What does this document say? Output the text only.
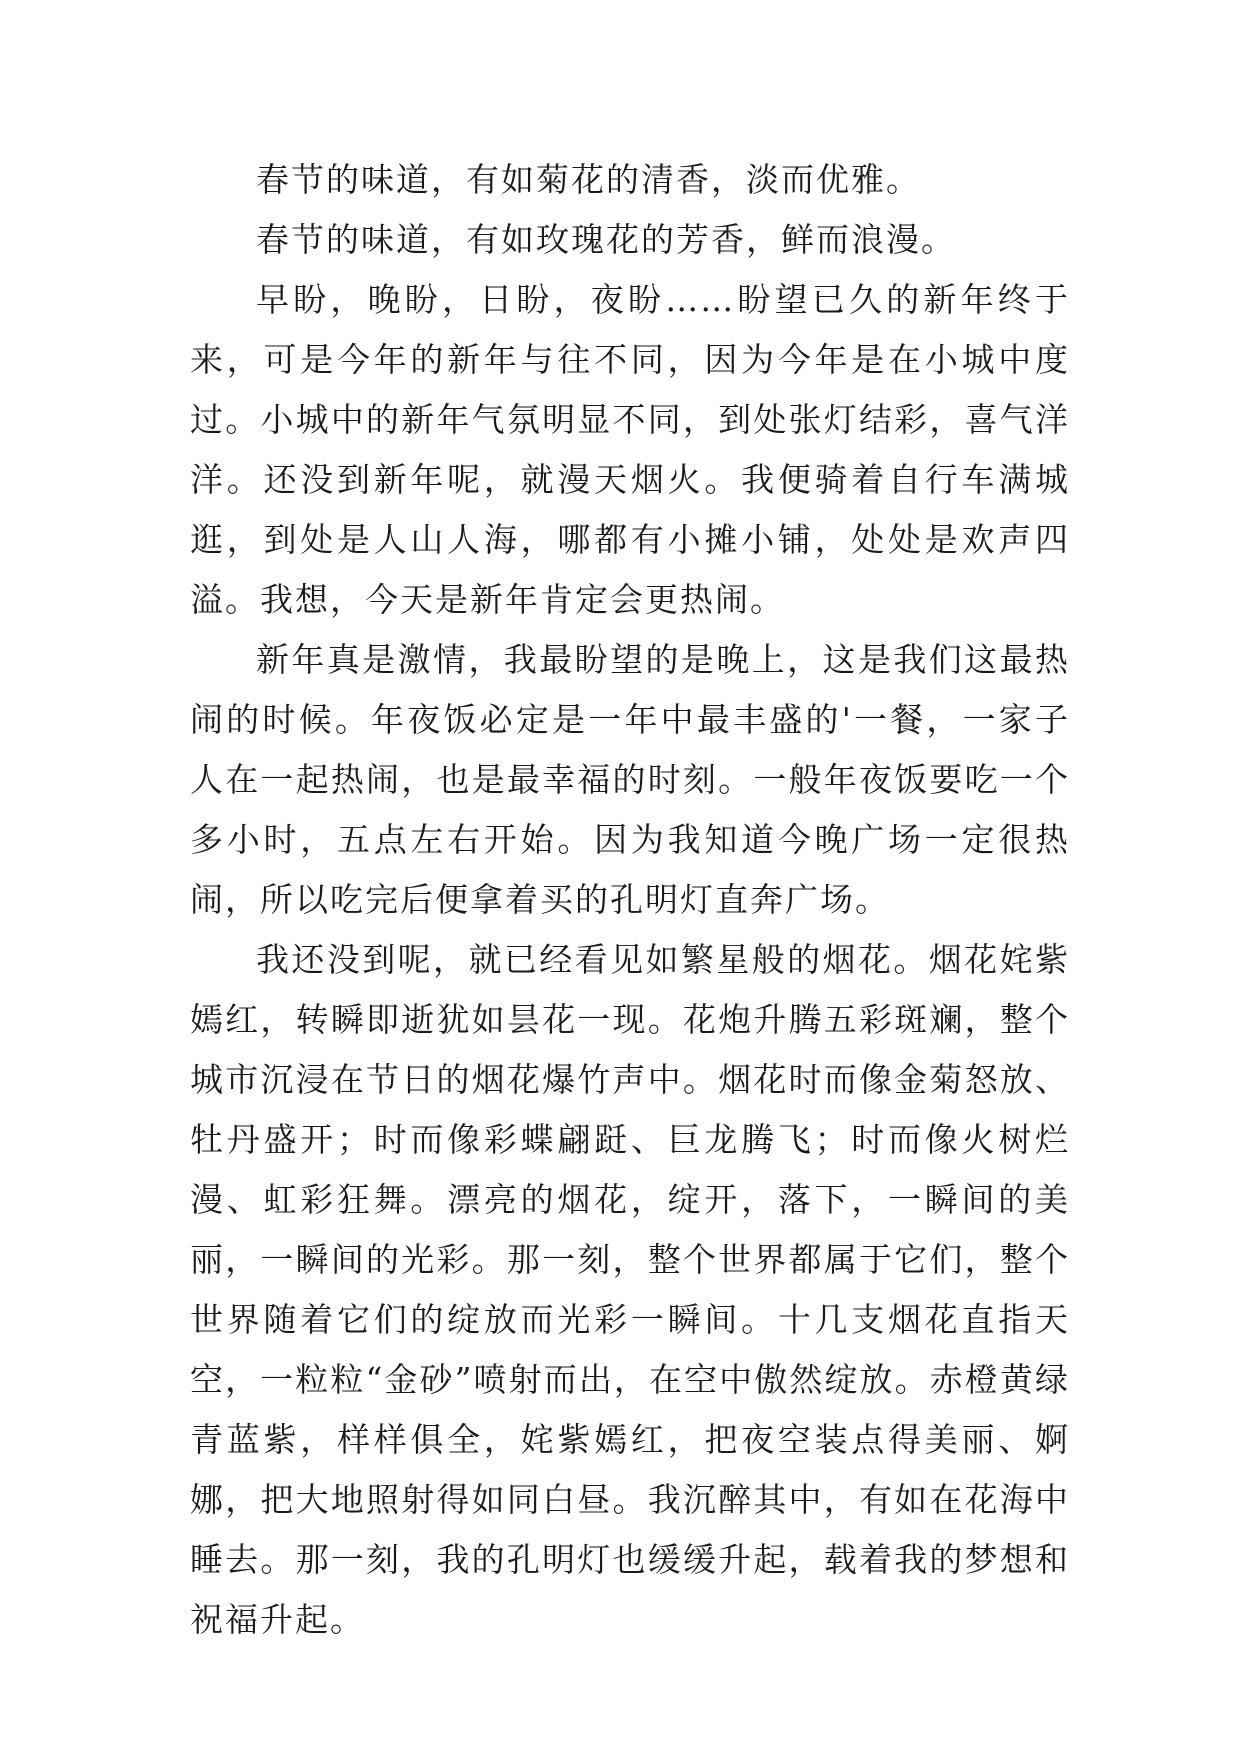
春节的味道，有如菊花的清香，淡而优雅。

春节的味道，有如玫瑰花的芳香，鲜而浪漫。

早盼，晚盼，日盼，夜盼……盼望已久的新年终于来，可是今年的新年与往不同，因为今年是在小城中度过。小城中的新年气氛明显不同，到处张灯结彩，喜气洋洋。还没到新年呢，就漫天烟火。我便骑着自行车满城逛，到处是人山人海，哪都有小摊小铺，处处是欢声四溢。我想，今天是新年肯定会更热闹。

新年真是激情，我最盼望的是晚上，这是我们这最热闹的时候。年夜饭必定是一年中最丰盛的'一餐，一家子人在一起热闹，也是最幸福的时刻。一般年夜饭要吃一个多小时，五点左右开始。因为我知道今晚广场一定很热闹，所以吃完后便拿着买的孔明灯直奔广场。

我还没到呢，就已经看见如繁星般的烟花。烟花姹紫嫣红，转瞬即逝犹如昙花一现。花炮升腾五彩斑斓，整个城市沉浸在节日的烟花爆竹声中。烟花时而像金菊怒放、牡丹盛开；时而像彩蝶翩跹、巨龙腾飞；时而像火树烂漫、虹彩狂舞。漂亮的烟花，绽开，落下，一瞬间的美丽，一瞬间的光彩。那一刻，整个世界都属于它们，整个世界随着它们的绽放而光彩一瞬间。十几支烟花直指天空，一粒粒“金砂”喷射而出，在空中傲然绽放。赤橙黄绿青蓝紫，样样俱全，姹紫嫣红，把夜空装点得美丽、婀娜，把大地照射得如同白昼。我沉醉其中，有如在花海中睡去。那一刻，我的孔明灯也缓缓升起，载着我的梦想和祝福升起。
